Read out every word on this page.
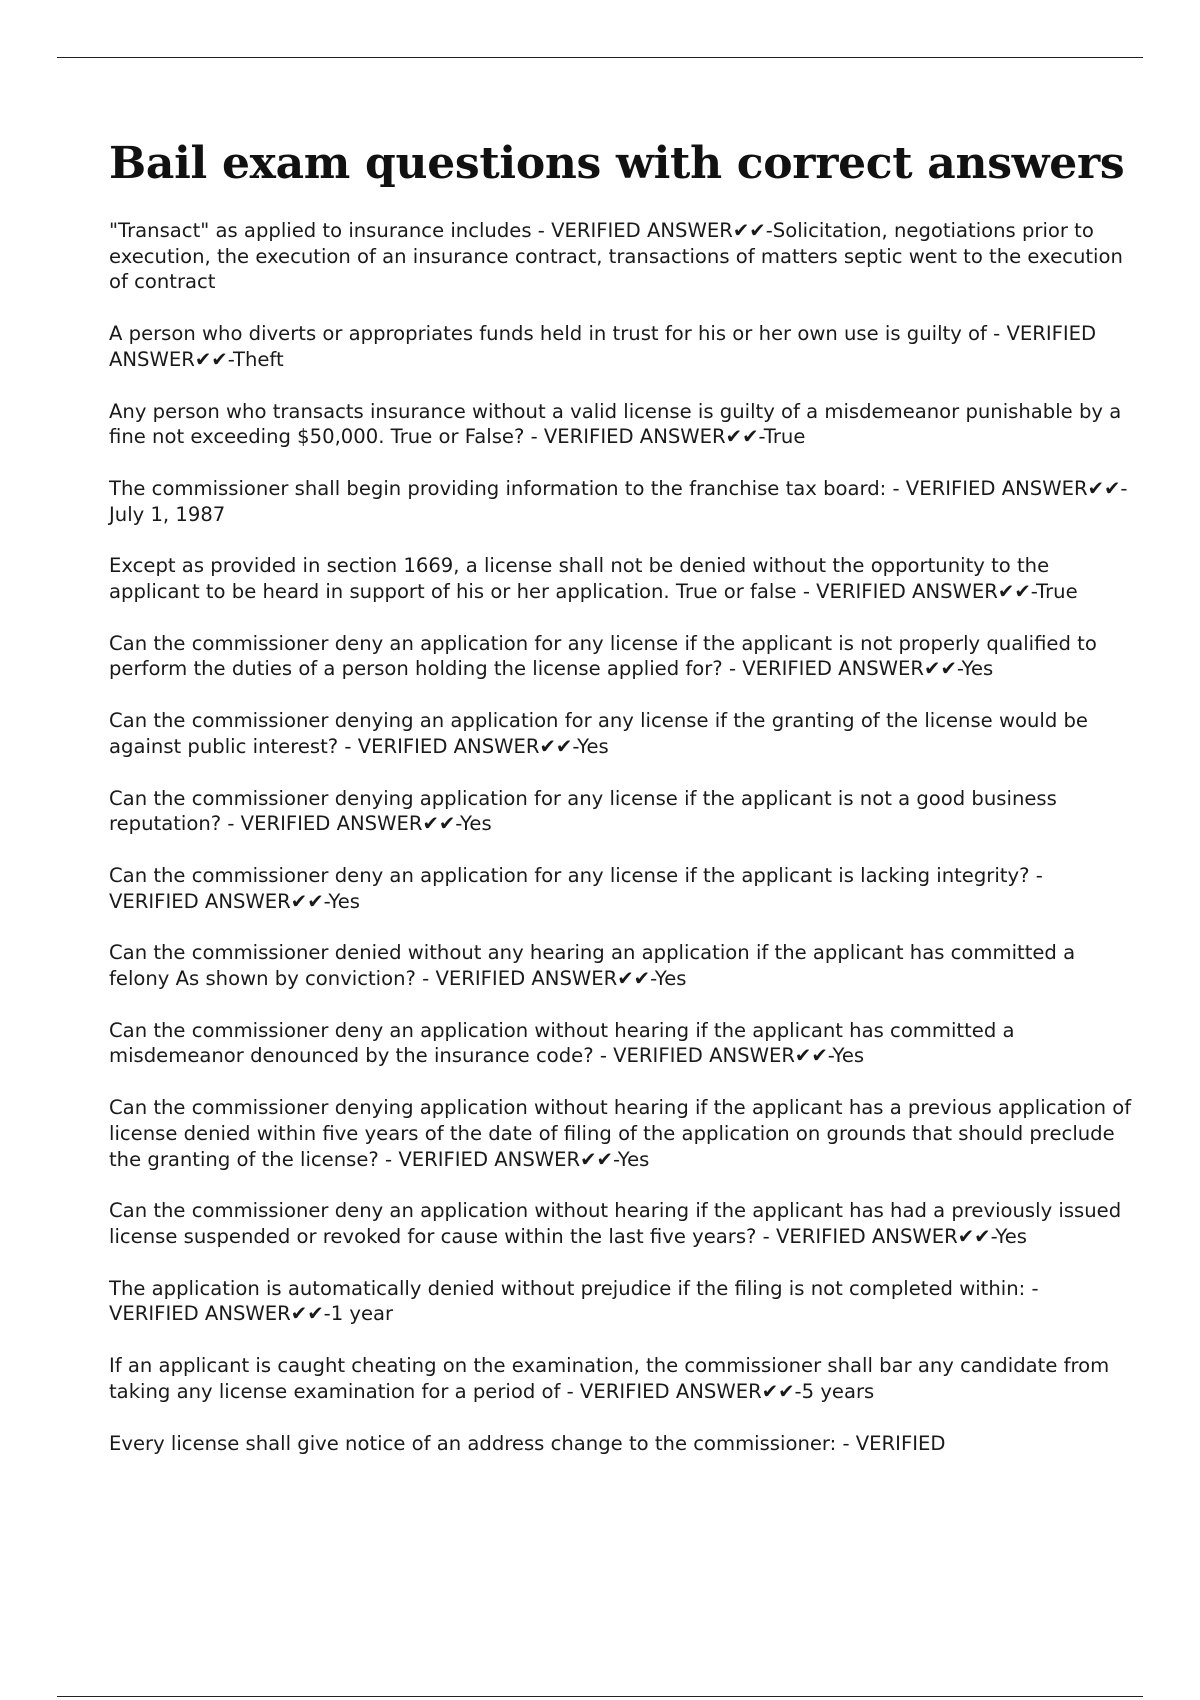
Bail exam questions with correct answers

"Transact" as applied to insurance includes - VERIFIED ANSWER✔✔-Solicitation, negotiations prior to execution, the execution of an insurance contract, transactions of matters septic went to the execution of contract

A person who diverts or appropriates funds held in trust for his or her own use is guilty of - VERIFIED ANSWER✔✔-Theft

Any person who transacts insurance without a valid license is guilty of a misdemeanor punishable by a fine not exceeding $50,000. True or False? - VERIFIED ANSWER✔✔-True

The commissioner shall begin providing information to the franchise tax board: - VERIFIED ANSWER✔✔-July 1, 1987

Except as provided in section 1669, a license shall not be denied without the opportunity to the applicant to be heard in support of his or her application. True or false - VERIFIED ANSWER✔✔-True

Can the commissioner deny an application for any license if the applicant is not properly qualified to perform the duties of a person holding the license applied for? - VERIFIED ANSWER✔✔-Yes

Can the commissioner denying an application for any license if the granting of the license would be against public interest? - VERIFIED ANSWER✔✔-Yes

Can the commissioner denying application for any license if the applicant is not a good business reputation? - VERIFIED ANSWER✔✔-Yes

Can the commissioner deny an application for any license if the applicant is lacking integrity? - VERIFIED ANSWER✔✔-Yes

Can the commissioner denied without any hearing an application if the applicant has committed a felony As shown by conviction? - VERIFIED ANSWER✔✔-Yes

Can the commissioner deny an application without hearing if the applicant has committed a misdemeanor denounced by the insurance code? - VERIFIED ANSWER✔✔-Yes

Can the commissioner denying application without hearing if the applicant has a previous application of license denied within five years of the date of filing of the application on grounds that should preclude the granting of the license? - VERIFIED ANSWER✔✔-Yes

Can the commissioner deny an application without hearing if the applicant has had a previously issued license suspended or revoked for cause within the last five years? - VERIFIED ANSWER✔✔-Yes

The application is automatically denied without prejudice if the filing is not completed within: - VERIFIED ANSWER✔✔-1 year

If an applicant is caught cheating on the examination, the commissioner shall bar any candidate from taking any license examination for a period of - VERIFIED ANSWER✔✔-5 years

Every license shall give notice of an address change to the commissioner: - VERIFIED
